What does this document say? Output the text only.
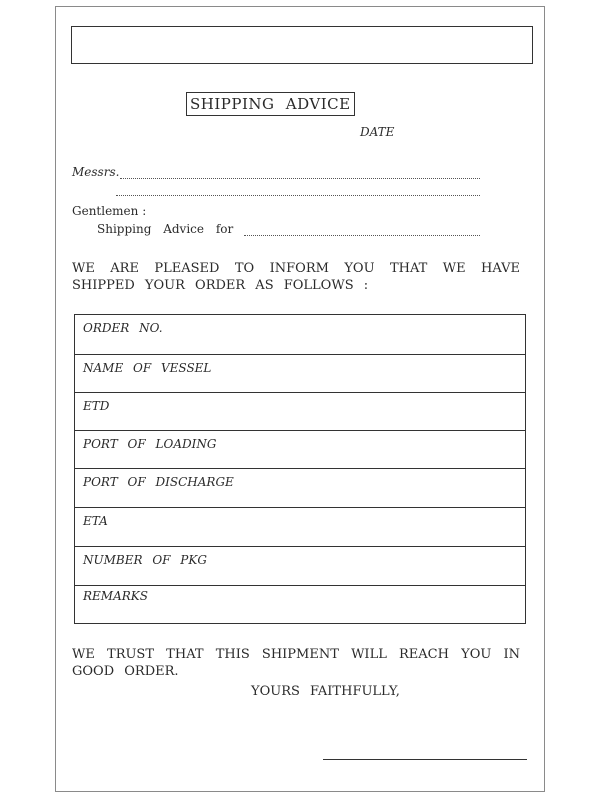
SHIPPING ADVICE
DATE
Messrs.
Gentlemen :
Shipping Advice for
WE ARE PLEASED TO INFORM YOU THAT WE HAVE
SHIPPED YOUR ORDER AS FOLLOWS :
ORDER NO.
NAME OF VESSEL
ETD
PORT OF LOADING
PORT OF DISCHARGE
ETA
NUMBER OF PKG
REMARKS
WE TRUST THAT THIS SHIPMENT WILL REACH YOU IN
GOOD ORDER.
YOURS FAITHFULLY,
